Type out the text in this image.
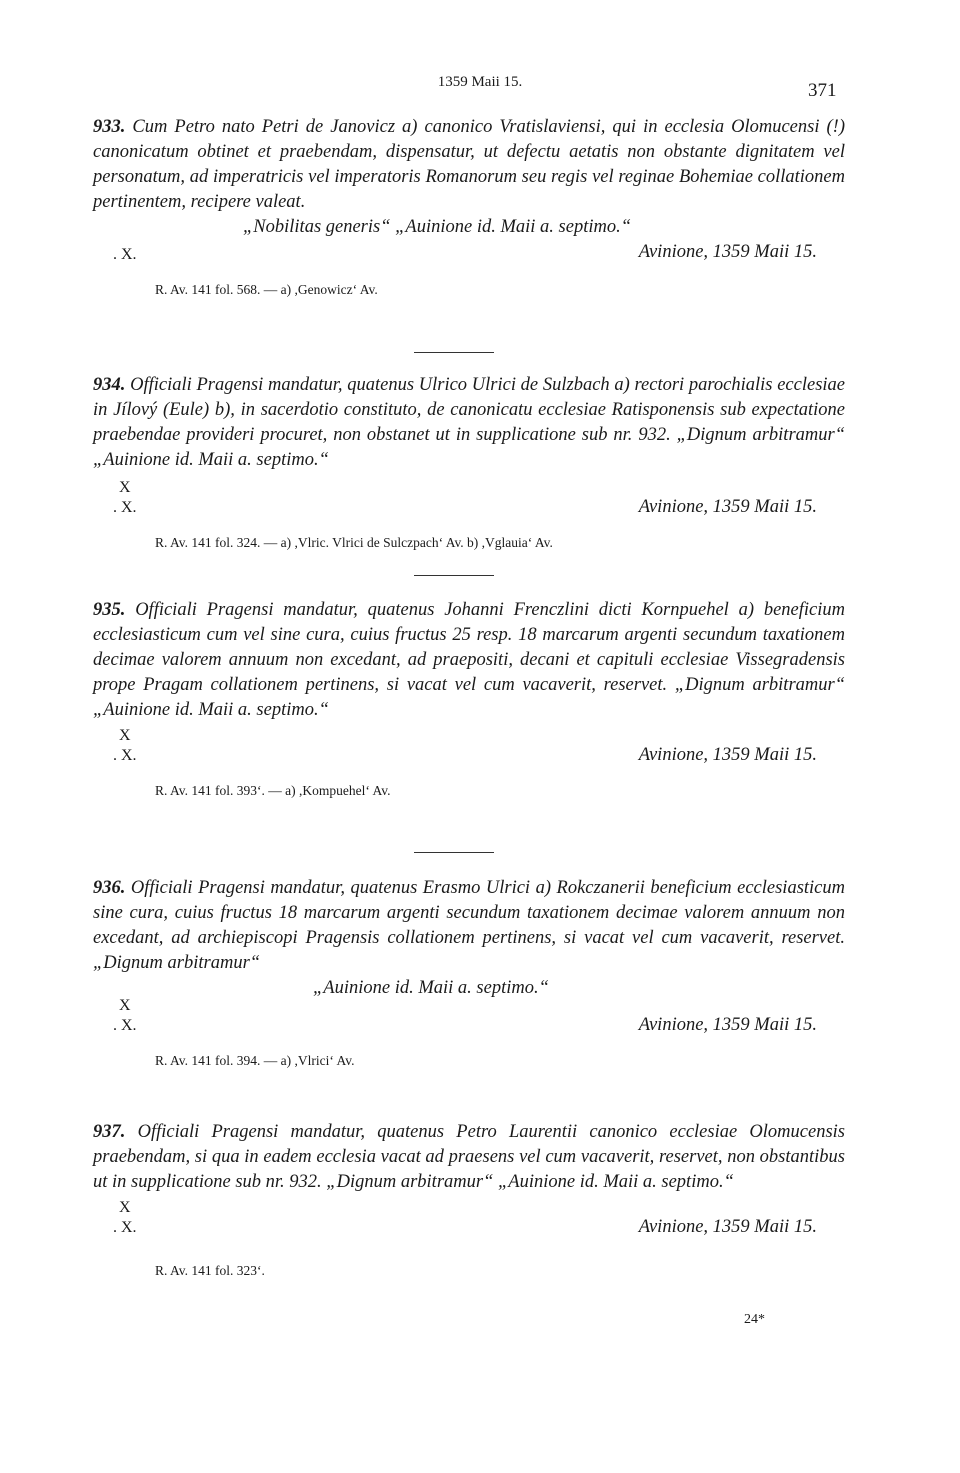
1359 Maii 15.	371

933. Cum Petro nato Petri de Janovicz a) canonico Vratislaviensi, qui in ecclesia Olomucensi (!) canonicatum obtinet et praebendam, dispensatur, ut defectu aetatis non obstante dignitatem vel personatum, ad imperatricis vel imperatoris Romanorum seu regis vel reginae Bohemiae collationem pertinentem, recipere valeat.

„Nobilitas generis“ „Auinione id. Maii a. septimo.“

. X.	Avinione, 1359 Maii 15.
R. Av. 141 fol. 568. — a) ,Genowicz‘ Av.

934. Officiali Pragensi mandatur, quatenus Ulrico Ulrici de Sulzbach a) rectori parochialis ecclesiae in Jílový (Eule) b), in sacerdotio constituto, de canonicatu ecclesiae Ratisponensis sub expectatione praebendae provideri procuret, non obstanet ut in supplicatione sub nr. 932. „Dignum arbitramur“ „Auinione id. Maii a. septimo.“

X
. X.	Avinione, 1359 Maii 15.
R. Av. 141 fol. 324. — a) ,Vlric. Vlrici de Sulczpach‘ Av. b) ,Vglauia‘ Av.

935. Officiali Pragensi mandatur, quatenus Johanni Frenczlini dicti Kornpuehel a) beneficium ecclesiasticum cum vel sine cura, cuius fructus 25 resp. 18 marcarum argenti secundum taxationem decimae valorem annuum non excedant, ad praepositi, decani et capituli ecclesiae Vissegradensis prope Pragam collationem pertinens, si vacat vel cum vacaverit, reservet. „Dignum arbitramur“ „Auinione id. Maii a. septimo.“

X
. X.	Avinione, 1359 Maii 15.
R. Av. 141 fol. 393‘. — a) ,Kompuehel‘ Av.

936. Officiali Pragensi mandatur, quatenus Erasmo Ulrici a) Rokczanerii beneficium ecclesiasticum sine cura, cuius fructus 18 marcarum argenti secundum taxationem decimae valorem annuum non excedant, ad archiepiscopi Pragensis collationem pertinens, si vacat vel cum vacaverit, reservet. „Dignum arbitramur“

„Auinione id. Maii a. septimo.“

X
. X.	Avinione, 1359 Maii 15.
R. Av. 141 fol. 394. — a) ,Vlrici‘ Av.

937. Officiali Pragensi mandatur, quatenus Petro Laurentii canonico ecclesiae Olomucensis praebendam, si qua in eadem ecclesia vacat ad praesens vel cum vacaverit, reservet, non obstantibus ut in supplicatione sub nr. 932. „Dignum arbitramur“ „Auinione id. Maii a. septimo.“

X
. X.	Avinione, 1359 Maii 15.
R. Av. 141 fol. 323‘.
24*
